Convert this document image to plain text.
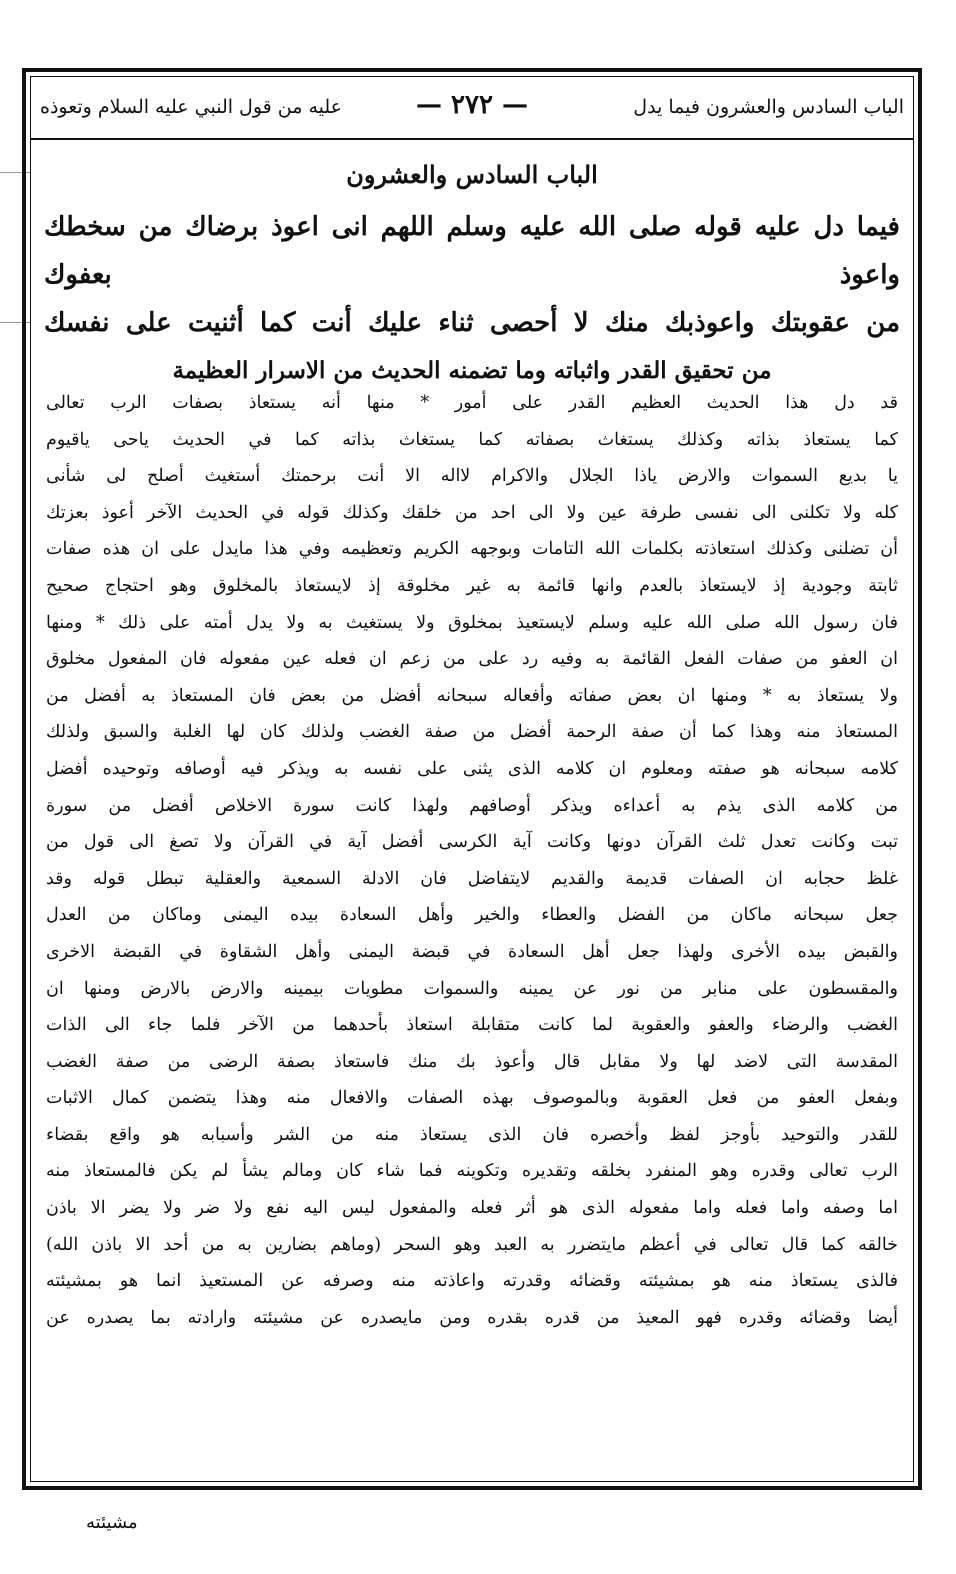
الباب السادس والعشرون فيما يدل
— ٢٧٢ —
عليه من قول النبي عليه السلام وتعوذه
الباب السادس والعشرون
فيما دل عليه قوله صلى الله عليه وسلم اللهم انى اعوذ برضاك من سخطك واعوذ بعفوك
من عقوبتك واعوذبك منك لا أحصى ثناء عليك أنت كما أثنيت على نفسك
من تحقيق القدر واثباته وما تضمنه الحديث من الاسرار العظيمة
قد دل هذا الحديث العظيم القدر على أمور * منها أنه يستعاذ بصفات الرب تعالى
كما يستعاذ بذاته وكذلك يستغاث بصفاته كما يستغاث بذاته كما في الحديث ياحى ياقيوم
يا بديع السموات والارض ياذا الجلال والاكرام لااله الا أنت برحمتك أستغيث أصلح لى شأنى
كله ولا تكلنى الى نفسى طرفة عين ولا الى احد من خلقك وكذلك قوله في الحديث الآخر أعوذ بعزتك
أن تضلنى وكذلك استعاذته بكلمات الله التامات وبوجهه الكريم وتعظيمه وفي هذا مايدل على ان هذه صفات
ثابتة وجودية إذ لايستعاذ بالعدم وانها قائمة به غير مخلوقة إذ لايستعاذ بالمخلوق وهو احتجاج صحيح
فان رسول الله صلى الله عليه وسلم لايستعيذ بمخلوق ولا يستغيث به ولا يدل أمته على ذلك * ومنها
ان العفو من صفات الفعل القائمة به وفيه رد على من زعم ان فعله عين مفعوله فان المفعول مخلوق
ولا يستعاذ به * ومنها ان بعض صفاته وأفعاله سبحانه أفضل من بعض فان المستعاذ به أفضل من
المستعاذ منه وهذا كما أن صفة الرحمة أفضل من صفة الغضب ولذلك كان لها الغلبة والسبق ولذلك
كلامه سبحانه هو صفته ومعلوم ان كلامه الذى يثنى على نفسه به ويذكر فيه أوصافه وتوحيده أفضل
من كلامه الذى يذم به أعداءه ويذكر أوصافهم ولهذا كانت سورة الاخلاص أفضل من سورة
تبت وكانت تعدل ثلث القرآن دونها وكانت آية الكرسى أفضل آية في القرآن ولا تصغ الى قول من
غلظ حجابه ان الصفات قديمة والقديم لايتفاضل فان الادلة السمعية والعقلية تبطل قوله وقد
جعل سبحانه ماكان من الفضل والعطاء والخير وأهل السعادة بيده اليمنى وماكان من العدل
والقبض بيده الأخرى ولهذا جعل أهل السعادة في قبضة اليمنى وأهل الشقاوة في القبضة الاخرى
والمقسطون على منابر من نور عن يمينه والسموات مطويات بيمينه والارض بالارض ومنها ان
الغضب والرضاء والعفو والعقوبة لما كانت متقابلة استعاذ بأحدهما من الآخر فلما جاء الى الذات
المقدسة التى لاضد لها ولا مقابل قال وأعوذ بك منك فاستعاذ بصفة الرضى من صفة الغضب
وبفعل العفو من فعل العقوبة وبالموصوف بهذه الصفات والافعال منه وهذا يتضمن كمال الاثبات
للقدر والتوحيد بأوجز لفظ وأخصره فان الذى يستعاذ منه من الشر وأسبابه هو واقع بقضاء
الرب تعالى وقدره وهو المنفرد بخلقه وتقديره وتكوينه فما شاء كان ومالم يشأ لم يكن فالمستعاذ منه
اما وصفه واما فعله واما مفعوله الذى هو أثر فعله والمفعول ليس اليه نفع ولا ضر ولا يضر الا باذن
خالقه كما قال تعالى في أعظم مايتضرر به العبد وهو السحر (وماهم بضارين به من أحد الا باذن الله)
فالذى يستعاذ منه هو بمشيئته وقضائه وقدرته واعاذته منه وصرفه عن المستعيذ انما هو بمشيئته
أيضا وقضائه وقدره فهو المعيذ من قدره بقدره ومن مايصدره عن مشيئته وارادته بما يصدره عن
مشيئته
